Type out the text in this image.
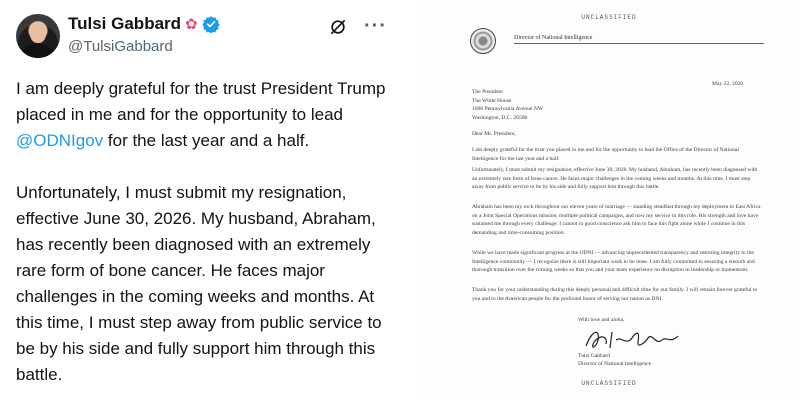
Tulsi Gabbard ✿
@TulsiGabbard
···

I am deeply grateful for the trust President Trump placed in me and for the opportunity to lead @ODNIgov for the last year and a half.

Unfortunately, I must submit my resignation, effective June 30, 2026. My husband, Abraham, has recently been diagnosed with an extremely rare form of bone cancer. He faces major challenges in the coming weeks and months. At this time, I must step away from public service to be by his side and fully support him through this battle.

UNCLASSIFIED
Director of National Intelligence
May 22, 2026
The President
The White House
1600 Pennsylvania Avenue NW
Washington, D.C. 20500
Dear Mr. President,
I am deeply grateful for the trust you placed in me and for the opportunity to lead the Office of the Director of National Intelligence for the last year and a half.
Unfortunately, I must submit my resignation, effective June 30, 2026. My husband, Abraham, has recently been diagnosed with an extremely rare form of bone cancer. He faces major challenges in the coming weeks and months. At this time, I must step away from public service to be by his side and fully support him through this battle.
Abraham has been my rock throughout our eleven years of marriage — standing steadfast through my deployment to East Africa on a Joint Special Operations mission, multiple political campaigns, and now my service in this role. His strength and love have sustained me through every challenge. I cannot in good conscience ask him to face this fight alone while I continue in this demanding and time-consuming position.
While we have made significant progress at the ODNI — advancing unprecedented transparency and restoring integrity to the Intelligence community — I recognize there is still important work to be done. I am fully committed to ensuring a smooth and thorough transition over the coming weeks so that you and your team experience no disruption in leadership or momentum.
Thank you for your understanding during this deeply personal and difficult time for our family. I will remain forever grateful to you and to the American people for the profound honor of serving our nation as DNI.
With love and aloha,
Tulsi Gabbard
Director of National Intelligence
UNCLASSIFIED
